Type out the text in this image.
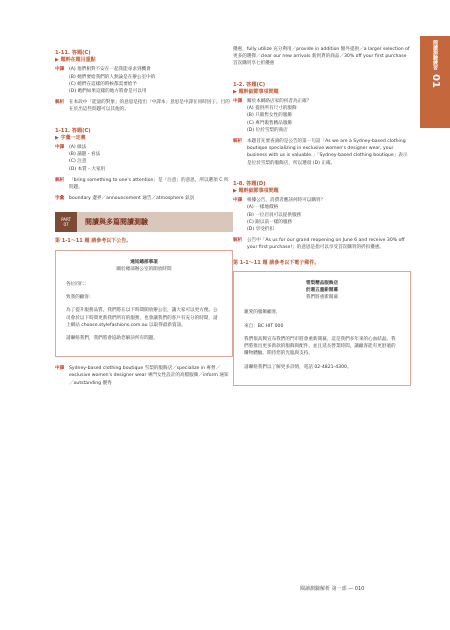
閱讀測驗練習
01
1-11. 答題(C)
▶ 題幹在題目重點
中譯	(A) 他們相對不安在一起我能尋求到機會
(B) 她們要給我們的人無論是在辦公室中的
(C) 她們在這樣的時候都需要給予
(D) 她們如果這樣的地方將會是可以用
解析	在本段中「能量的對象」的意思是指出「中譯本」意思是中譯在同時因子。目的在於出這些問題可以其他的。
1-11. 答題(C)
▶ 字彙一定義
中譯	(A) 做法
(B) 議題・看法
(C) 注意
(D) 本質・大家用
解析	「bring something to one's attention」是「注意」的意思，所以選項 C 所問題。
字彙	boundary 邊界／announcement 通告／atmosphere 氣氛
PART
07	閱讀與多篇閱讀測驗
第 1-1〜11 題 請參考以下公告。
通知總部事項
關於總部辦公室的開放時間

各位同仁：

致我的顧客：

為了提升服務品質，我們將在以下時間開放辦公室，讓大家可以更方便。公司會於以下時間更新我們所有的服務，也會讓我們的客戶有充分的時間，請上網站 choose.stylefashions.com.au 以取得最新資訊。

請聯絡我們，我們將會協助您解決所有問題。

中譯	Sydney-based clothing boutique 雪梨的服飾店／specialize in 專營／exclusive women's designer wear 專門女性設計的高檔服飾／inform 通知／outstanding 優秀
優惠，fully utilize 充分利用／provide in addition 額外提供／a larger selection of 更多的選擇／clear our new arrivals 新到貨的商品／30% off your first purchase 首次購買享七折優惠
1-2. 答題(C)
▶ 題幹細節事項問題
中譯	關於本網路店家的何者為正確？
(A) 提供所有尺寸的服飾
(B) 只販售女性的服飾
(C) 專門販售精品服飾
(D) 位於雪梨的商店
解析	本題首先要查詢的是公告的第一句話「As we are a Sydney-based clothing boutique specializing in exclusive women's designer wear, your business with us is valuable.」「Sydney-based clothing boutique」表示是位於雪梨的服飾店，所以選項 (D) 正確。
1-8. 答題(D)
▶ 題幹細節事項問題
中譯	根據公告，消費者應該何時可以購買？
(A) 一樣地價格
(B) 一位店員可以提供服務
(C) 跟以前一樣的服務
(D) 享受折扣
解析	公告中「As us for our grand reopening on June 6 and receive 30% off your first purchase!」的意思是指可以享受首次購買的折扣優惠。
第 1-1〜11 題 請參考以下電子郵件。
雪梨精品服飾店
於週五重新開幕
我們將重新開幕

親愛的服飾顧客，

來自：BC HIT 000

我們很高興宣布我們的門市將會重新開幕，這是我們多年來的心血結晶。我們將推出更多新款的服飾與配件，並且延長營業時間，讓顧客能有更舒適的購物體驗。期待您的光臨與支持。

請聯絡我們以了解更多詳情，電話 02-4821-4300。

閱讀測驗解析 第一部 — 010
